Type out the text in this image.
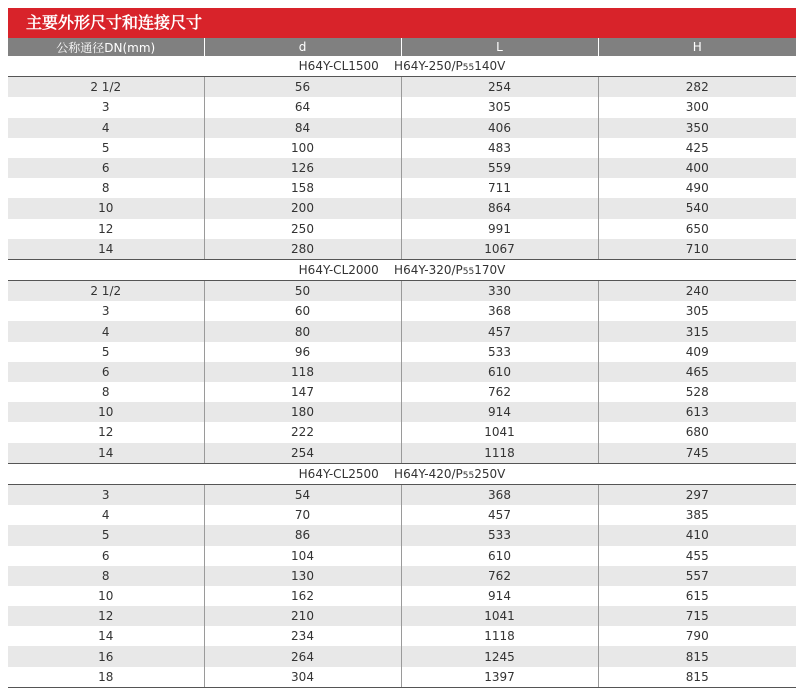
主要外形尺寸和连接尺寸
公称通径DN(mm)	d	L	H
H64Y-CL1500    H64Y-250/P55140V			
2 1/2	56	254	282
3	64	305	300
4	84	406	350
5	100	483	425
6	126	559	400
8	158	711	490
10	200	864	540
12	250	991	650
14	280	1067	710
H64Y-CL2000    H64Y-320/P55170V			
2 1/2	50	330	240
3	60	368	305
4	80	457	315
5	96	533	409
6	118	610	465
8	147	762	528
10	180	914	613
12	222	1041	680
14	254	1118	745
H64Y-CL2500    H64Y-420/P55250V			
3	54	368	297
4	70	457	385
5	86	533	410
6	104	610	455
8	130	762	557
10	162	914	615
12	210	1041	715
14	234	1118	790
16	264	1245	815
18	304	1397	815
